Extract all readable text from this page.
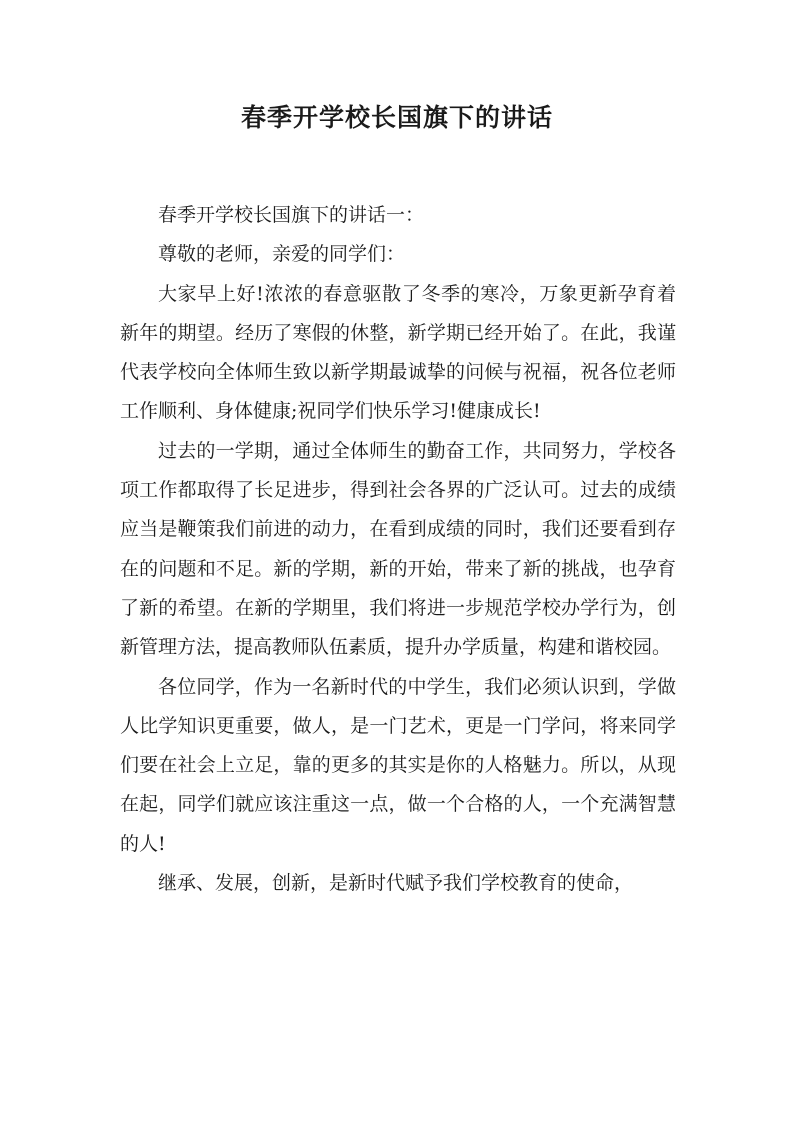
春季开学校长国旗下的讲话

春季开学校长国旗下的讲话一：

尊敬的老师，亲爱的同学们：

大家早上好!浓浓的春意驱散了冬季的寒冷，万象更新孕育着新年的期望。经历了寒假的休整，新学期已经开始了。在此，我谨代表学校向全体师生致以新学期最诚挚的问候与祝福，祝各位老师工作顺利、身体健康;祝同学们快乐学习!健康成长!

过去的一学期，通过全体师生的勤奋工作，共同努力，学校各项工作都取得了长足进步，得到社会各界的广泛认可。过去的成绩应当是鞭策我们前进的动力，在看到成绩的同时，我们还要看到存在的问题和不足。新的学期，新的开始，带来了新的挑战，也孕育了新的希望。在新的学期里，我们将进一步规范学校办学行为，创新管理方法，提高教师队伍素质，提升办学质量，构建和谐校园。

各位同学，作为一名新时代的中学生，我们必须认识到，学做人比学知识更重要，做人，是一门艺术，更是一门学问，将来同学们要在社会上立足，靠的更多的其实是你的人格魅力。所以，从现在起，同学们就应该注重这一点，做一个合格的人，一个充满智慧的人!

继承、发展，创新，是新时代赋予我们学校教育的使命，
